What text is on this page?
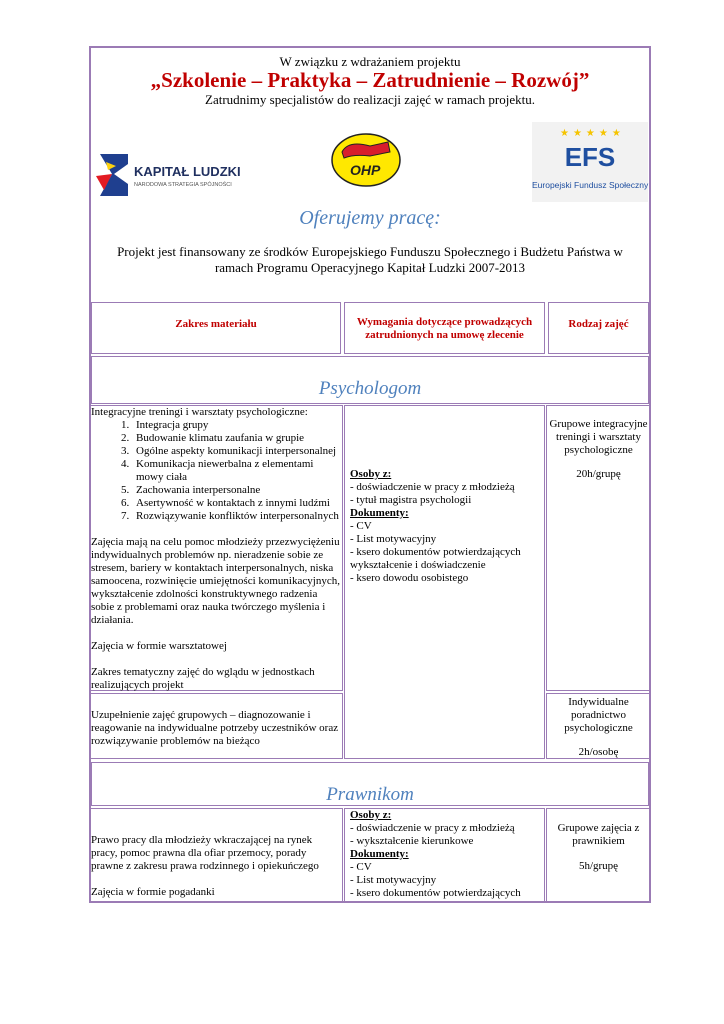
W związku z wdrażaniem projektu
„Szkolenie – Praktyka – Zatrudnienie – Rozwój”
Zatrudnimy specjalistów do realizacji zajęć w ramach projektu.
KAPITAŁ LUDZKI
NARODOWA STRATEGIA SPÓJNOŚCI
OHP
★★★★★
EFS
Europejski Fundusz Społeczny
Oferujemy pracę:
Projekt jest finansowany ze środków Europejskiego Funduszu Społecznego i Budżetu Państwa w ramach Programu Operacyjnego Kapitał Ludzki 2007-2013
Zakres materiału	Wymagania dotyczące prowadzących zatrudnionych na umowę zlecenie
Rodzaj zajęć
Psychologom
Integracyjne treningi i warsztaty psychologiczne:
1. Integracja grupy
2. Budowanie klimatu zaufania w grupie
3. Ogólne aspekty komunikacji interpersonalnej
4. Komunikacja niewerbalna z elementami mowy ciała
5. Zachowania interpersonalne
6. Asertywność w kontaktach z innymi ludźmi
7. Rozwiązywanie konfliktów interpersonalnych

Zajęcia mają na celu pomoc młodzieży przezwyciężeniu indywidualnych problemów np. nieradzenie sobie ze stresem, bariery w kontaktach interpersonalnych, niska samoocena, rozwinięcie umiejętności komunikacyjnych, wykształcenie zdolności konstruktywnego radzenia sobie z problemami oraz nauka twórczego myślenia i działania.

Zajęcia w formie warsztatowej

Zakres tematyczny zajęć do wglądu w jednostkach realizujących projekt

Uzupełnienie zajęć grupowych – diagnozowanie i reagowanie na indywidualne potrzeby uczestników oraz rozwiązywanie problemów na bieżąco
Osoby z:
- doświadczenie w pracy z młodzieżą
- tytuł magistra psychologii
Dokumenty:
- CV
- List motywacyjny
- ksero dokumentów potwierdzających wykształcenie i doświadczenie
- ksero dowodu osobistego
Grupowe integracyjne treningi i warsztaty psychologiczne
20h/grupę
Indywidualne poradnictwo psychologiczne
2h/osobę
Prawnikom
Prawo pracy dla młodzieży wkraczającej na rynek pracy, pomoc prawna dla ofiar przemocy, porady prawne z zakresu prawa rodzinnego i opiekuńczego
Zajęcia w formie pogadanki
Osoby z:
- doświadczenie w pracy z młodzieżą
- wykształcenie kierunkowe
Dokumenty:
- CV
- List motywacyjny
- ksero dokumentów potwierdzających
Grupowe zajęcia z prawnikiem
5h/grupę
